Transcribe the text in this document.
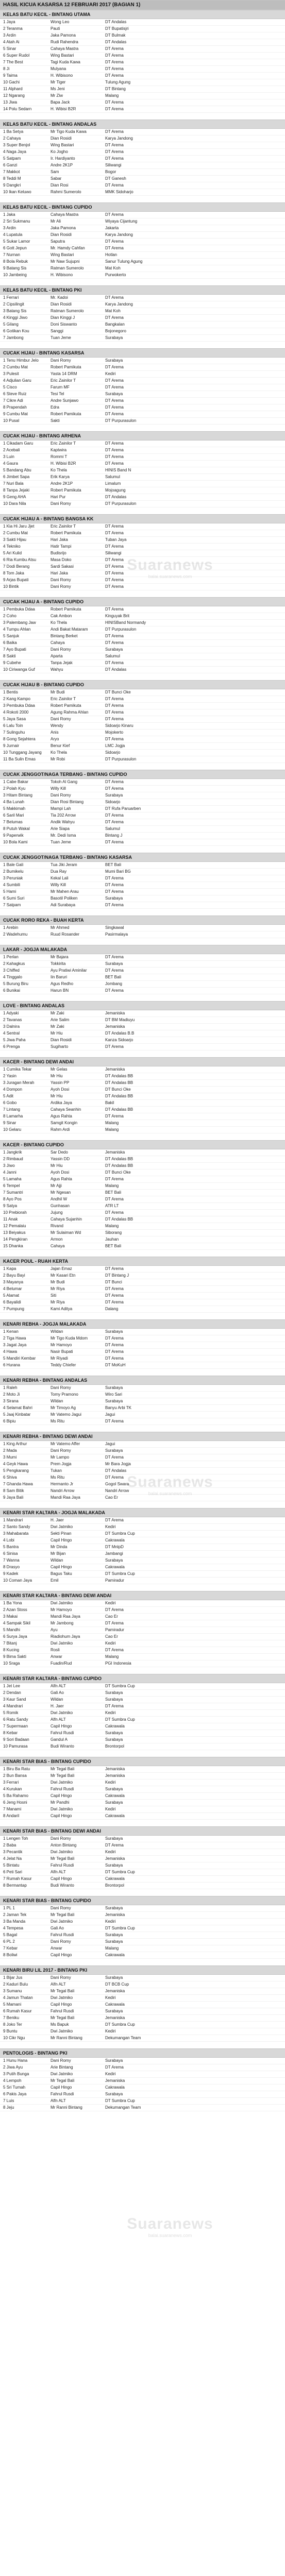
HASIL KICUA KASARSA 12 FEBRUARI 2017 (BAGIAN 1)
KELAS BATU KECIL - BINTANG UTAMA
1 Jaya	Wong Leo	DT Andalas
2 Teranma	Pauti	DT Bupatisjri
3 Ardin	Jaka Pamona	DT Bulmak
4 Atah Ai	Rudi Rahendra	DT Andalas
5 Sinar	Cahaya Mastra	DT Arema
6 Super Rudol	Wing Bastari	DT Arema
7 The Best	Tagi Kuda Kawa	DT Arema
8 Ji	Mulyana	DT Arema
9 Taima	H. Wibisono	DT Arema
10 Gachi	Mr Tiger	Tulung Agung
11 Alphard	Ms Jeni	DT Bintang
12 Ngarang	Mr Ziw	Malang
13 Jiwa	Bapa Jack	DT Arema
14 Polu Sedarn	H. Wibisi B2R	DT Arema
KELAS BATU KECIL - BINTANG ANDALAS
1 Ba Setya	Mr Tigo Kuda Kawa	DT Arema
2 Cahaya	Dian Rosidi	Karya Jandong
3 Super Benjol	Wing Bastari	DT Arema
4 Naga Jaya	Ko Jogho	DT Arema
5 Satpam	Ir. Hardiyanto	DT Arema
6 Ganzi	Andre 2K1P	Siliwangi
7 Makkot	Sam	Bogor
8 Teddi M	Sabar	DT Ganesh
9 Dangkri	Dian Rosi	DT Arema
10 Ikan Keluwo	Rahmi Sumerolo	MMK Sidoharjo
KELAS BATU KECIL - BINTANG CUPIDO
1 Jaka	Cahaya Mastra	DT Arema
2 Sri Sukmanu	Mr Ali	Wiyaya Cijantung
3 Ardin	Jaka Pamona	Jakarta
4 Lupatula	Dian Rosidi	Karya Jandong
5 Sukar Lamor	Saputra	DT Arema
6 Gott Jepun	Mr. Hamdy Cahfan	DT Arema
7 Nurnan	Wing Bastari	Hotlan
8 Bola Rebuk	Mr Naw Sujupni	Sanur Tulung Agung
9 Batang Sis	Ratman Sumerolo	Mat Koh
10 Jambeing	H. Wibisono	Purwokerto
KELAS BATU KECIL - BINTANG PKI
1 Ferrari	Mr. Kadoi	DT Arema
2 Cipsilingit	Dian Rosidi	Karya Jandong
3 Batang Sis	Ratman Sumerolo	Mat Koh
4 Kinggi Jiwo	Dian Kinggi J	DT Arema
5 Gilang	Doni Siswanto	Bangkalan
6 Gotikan Kou	Sanggi	Bojonegoro
7 Jambong	Tuan Jeme	Surabaya
CUCAK HIJAU - BINTANG KASARSA
1 Tenu Himbur Jelo	Dani Romy	Surabaya
2 Cumbu Mat	Robert Pamikuta	DT Arema
3 Pulesit	Yasta 14 DRM	Kediri
4 Adjulian Garu	Eric Zainilor T	DT Arema
5 Cisco	Farum MF	DT Arema
6 Steve Ruiz	Tesi Tel	Surabaya
7 Cikre Adi	Andre Sunjawo	DT Arema
8 Prapendah	Edra	DT Arema
9 Cumbu Mat	Robert Pamikuta	DT Arema
10 Pusal	Sakti	DT Purpurasulon
CUCAK HIJAU - BINTANG ARHENA
1 Cikadam Garu	Eric Zainilor T	DT Arema
2 Acebali	Kaptwira	DT Arema
3 Luin	Rommi T	DT Arema
4 Gaura	H. Wibisi B2R	DT Arema
5 Bandang Abu	Ko Thela	HINIS Band N
6 Jimbet Sapa	Erik Karya	Salumul
7 Nuri Bala	Andre 2K1P	Limalum
8 Tanpa Jejaki	Robert Pamikuta	Mojoagung
9 Geng AHA	Hari Pur	DT Andalas
10 Dara Nila	Dani Romy	DT Purpurasulon
CUCAK HIJAU A - BINTANG BANGSA KK
1 Kia Hi Jaru Jjet	Eric Zainilor T	DT Arema
2 Cumbu Mat	Robert Pamikuta	DT Arema
3 Sakti Hijau	Hari Jaka	Tuban Jaya
4 Tekniko	Hatir Tampi	DT Arema
5 Ari Kulid	Budisrijo	Siliwangi
6 Ria Kumbu Atsu	Masa Doko	DT Arema
7 Dodi Berang	Sardi Sakasi	DT Arema
8 Tom Jaka	Hari Jaka	DT Arema
9 Arjas Bupati	Dani Romy	DT Arema
10 Bintik	Dani Romy	DT Arema
CUCAK HIJAU A - BINTANG CUPIDO
1 Pembuka Ddaa	Robert Pamikuta	DT Arema
2 Coho	Cak Ambon	Kinguyak Brit
3 Palembang Jaw	Ko Thela	HINISBand Normandy
4 Tumpu Ahlan	Andi Bakat Mataram	DT Purpurasulon
5 Sanjuk	Bintang Berket	DT Arema
6 Baika	Cahaya	DT Arema
7 Ayo Bupati	Dani Romy	Surabaya
8 Sakti	Aparta	Salumul
9 Cubehe	Tanpa Jejak	DT Arema
10 Ciriwanga Guf	Wahyu	DT Andalas
CUCAK HIJAU B - BINTANG CUPIDO
1 Bentis	Mr Budi	DT Bunci Oke
2 Kang Kampo	Eric Zainilor T	DT Arema
3 Pembuka Ddaa	Robert Pamikuta	DT Arema
4 Rokoti 2000	Agung Rahma Ahlan	DT Arema
5 Jaya Sasa	Dani Romy	DT Arema
6 Lalu Toin	Wendy	Sidoarjo Kinaru
7 Sulinguhu	Anis	Mojokerto
8 Gong Sejahtera	Aryo	DT Arema
9 Jurnair	Benur Kief	LMC Jogja
10 Tunggang Jayang	Ko Thela	Sidoarjo
11 Ba Sulin Emas	Mr Robi	DT Purpurasulon
CUCAK JENGGOT/NAGA TERBANG - BINTANG CUPIDO
1 Cabe Bakar	Tokoh Al Gang	DT Arema
2 Polah Kyu	Willy Kill	DT Arema
3 Hitam Bintang	Dani Romy	Surabaya
4 Ba Lunah	Dian Rosi Bintang	Sidoarjo
5 Makkimah	Mampi Lah	DT Rufa Paruarben
6 Saril Mari	Tia 202 Arrow	DT Arema
7 Belumas	Andik Wahyu	DT Arema
8 Putuh Wakal	Arie Siapa	Salumul
9 Paperwik	Mr. Dedi Isma	Bintang J
10 Bola Kami	Tuan Jeme	DT Arema
CUCAK JENGGOT/NAGA TERBANG - BINTANG KASARSA
1 Bale Gali	Tua Jiki Jeram	BET Bali
2 Bumikelu	Dua Ray	Mumi Bari BG
3 Peruniak	Kekal Lali	DT Arema
4 Sumbili	Willy Kill	DT Arema
5 Hami	Mr Mahen Arau	DT Arema
6 Sumi Suri	Basotil Poliken	Surabaya
7 Satpam	Adi Surabaya	DT Arema
CUCAK RORO REKA - BUAH KERTA
1 Arebin	Mr Ahmed	Singkawal
2 Wadehumu	Ruud Rosander	Pasirmalaya
LAKAR - JOGJA MALAKADA
1 Perlan	Mr Bajara	DT Arema
2 Kahagkus	Tokkirita	Surabaya
3 Chiffed	Ayu Pratiwi Aminilar	DT Arema
4 Tinggalo	Iin Baruri	BET Bali
5 Burung Biru	Agus Redho	Jombang
6 Bunikai	Harun BN	DT Arema
LOVE - BINTANG ANDALAS
1 Adyaki	Mr Zaki	Jemaniska
2 Tavanas	Arie Salim	DT BM Madiuyu
3 Dalnira	Mr Zaki	Jemaniska
4 Sentral	Mr Hiu	DT Andalas B.B
5 Jiwa Paha	Dian Rosidi	Kanza Sidoarjo
6 Prenga	Sugiharto	DT Arema
KACER - BINTANG DEWI ANDAI
1 Cumika Tekar	Mr Gelas	Jemaniska
2 Yasin	Mr Hiu	DT Andalas BB
3 Juragan Merah	Yassin PP	DT Andalas BB
4 Dompon	Ayoh Dosi	DT Bunci Oke
5 Adit	Mr Hiu	DT Andalas BB
6 Gobo	Ardika Jaya	Bakil
7 Lintang	Cahaya Seanhin	DT Andalas BB
8 Lamarha	Agus Rahta	DT Arema
9 Sinar	Samgit Kongin	Malang
10 Gelaru	Rahm Ardi	Malang
KACER - BINTANG CUPIDO
1 Jangkrik	Sar Dedo	Jemaniska
2 Rimbaud	Yassin DD	DT Andalas BB
3 Jiwo	Mr Hiu	DT Andalas BB
4 Janni	Ayoh Dosi	DT Bunci Oke
5 Lamaha	Agus Rahta	DT Arema
6 Tempel	Mr Ajji	Malang
7 Sumantri	Mr Ngesan	BET Bali
8 Ayo Pos	Andhil W	DT Arema
9 Satya	Gunhasan	ATR LT
10 Prebiorah	Jujung	DT Arema
11 Anak	Cahaya Sujanhin	DT Andalas BB
12 Pemalaiu	Rivand	Malang
13 Beiyakus	Mr Sulaiman Wd	Siborang
14 Pengkiran	Armon	Jauhan
15 Dhanka	Cahaya	BET Bali
KACER POUL - RUAH KERTA
1 Kapa	Jajan Emaz	DT Arema
2 Bayu Bayi	Mr Kasari Etn	DT Bintang J
3 Mayanya	Mr Budi	DT Bunci
4 Belumar	Mr Riya	DT Arema
5 Alamat	Siti	DT Arema
6 Bayalidi	Mr Riya	DT Arema
7 Pumpung	Kami Aditya	Dalang
KENARI REBHA - JOGJA MALAKADA
1 Kenan	Wildan	Surabaya
2 Tiga Hawa	Mr Tigo Kuda Mdom	DT Arema
3 Jagat Jaya	Mr Hamoyo	DT Arema
4 Hawa	Nasir Bupati	DT Arema
5 Mandiri Kembar	Mr Riyadi	DT Arema
6 Hurana	Teddy Chiefer	DT MoKuH
KENARI REBHA - BINTANG ANDALAS
1 Raleh	Dani Romy	Surabaya
2 Moto Ji	Tomy Pramono	Wiro Sari
3 Sirana	Wildan	Surabaya
4 Selamat Bahri	Mr Timoyo Ag	Banyu Arbi TK
5 Jaaj Kinbatar	Mr Vatemo Jagui	Jagui
6 Bipiu	Ms Ritu	DT Arema
KENARI REBHA - BINTANG DEWI ANDAI
1 King Arthur	Mr Vatemo Affer	Jagui
2 Mada	Dani Romy	Surabaya
3 Mumi	Mr Lampo	DT Arema
4 Geyk Hawa	Prem Jogja	Mr Bara Jogja
5 Pengkarang	Tukan	DT Andalas
6 Shiva	Ms Ritu	DT Arema
7 Ghanda Hawa	Hermanto Jr	Gogol Swara
8 Sam Bitik	Nandri Arrow	Nandri Arrow
9 Jaya Bali	Mandi Raa Jaya	Cao Er
KENARI STAR KALTARA - JOGJA MALAKADA
1 Mandrari	H. Jaer	DT Arema
2 Santo Sandy	Dwi Jatmiko	Kediri
3 Mahabarata	Sekti Pinan	DT Sumbra Cup
4 Lobi	Capil Hingo	Cakrawala
5 Bantra	Mr Dinda	DT MnlpD
6 Sinisa	Mr Bijan	Jambangi
7 Wanna	Wildan	Surabaya
8 Drasyo	Capil Hingo	Cakrawala
9 Kadek	Bagus Taku	DT Sumbra Cup
10 Coman Jaya	Emil	Pamiradur
KENARI STAR KALTARA - BINTANG DEWI ANDAI
1 Ba Yona	Dwi Jatmiko	Kediri
2 Azan Stoss	Mr Hamoyo	DT Arema
3 Makai	Mandi Raa Jaya	Cao Er
4 Sampak Sikil	Mr Jambong	DT Arema
5 Mandhi	Ayu	Pamiradur
6 Surya Jaya	Riadiohum Jaya	Cao Er
7 Bitanj	Dwi Jatmiko	Kediri
8 Kucing	Rosli	DT Arema
9 Bima Sakti	Anwar	Malang
10 Sraga	Fuadin/Rud	PGI Indonesia
KENARI STAR KALTARA - BINTANG CUPIDO
1 Jet Lee	Alfn ALT	DT Sumbra Cup
2 Dendan	Gali Ao	Surabaya
3 Kaur Sand	Wildan	Surabaya
4 Mandrari	H. Jaer	DT Arema
5 Romik	Dwi Jatmiko	Kediri
6 Ratu Sandy	Alfn ALT	DT Sumbra Cup
7 Supermaan	Capil Hingo	Cakrawala
8 Kebar	Fahrul Rusdi	Surabaya
9 Sori Badaan	Gandul A	Surabaya
10 Pamurasa	Budi Wiranto	Brontorpol
KENARI STAR BIAS - BINTANG CUPIDO
1 Biru Ba Ratu	Mr Tegal Bali	Jemaniska
2 Bun Bansa	Mr Tegal Bali	Jemaniska
3 Ferrari	Dwi Jatmiko	Kediri
4 Kurukan	Fahrul Rusdi	Surabaya
5 Ba Rahamo	Capil Hingo	Cakrawala
6 Jeng Hosni	Mr Pandhi	Surabaya
7 Manami	Dwi Jatmiko	Kediri
8 Andaril	Capil Hingo	Cakrawala
KENARI STAR BIAS - BINTANG DEWI ANDAI
1 Lengen Toh	Dani Romy	Surabaya
2 Baba	Anton Bintang	DT Arema
3 Pecantik	Dwi Jatmiko	Kediri
4 Jelat Na	Mr Tegal Bali	Jemaniska
5 Bintatu	Fahrul Rusdi	Surabaya
6 Peti Sari	Alfn ALT	DT Sumbra Cup
7 Rumah Kasur	Capil Hingo	Cakrawala
8 Bermantap	Budi Wiranto	Brontorpol
KENARI STAR BIAS - BINTANG CUPIDO
1 PL 1	Dani Romy	Surabaya
2 Jaman Tek	Mr Tegal Bali	Jemaniska
3 Ba Manda	Dwi Jatmiko	Kediri
4 Tempesa	Gali Ao	DT Sumbra Cup
5 Bagal	Fahrul Rusdi	Surabaya
6 PL 2	Dani Romy	Surabaya
7 Kebar	Anwar	Malang
8 Boliwi	Capil Hingo	Cakrawala
KENARI BIRU LIL 2017 - BINTANG PKI
1 Bijar Jus	Dani Romy	Surabaya
2 Kaduri Bulu	Alfn ALT	DT BCB Cup
3 Sumanu	Mr Tegal Bali	Jemaniska
4 Jamun Thatan	Dwi Jatmiko	Kediri
5 Mamani	Capil Hingo	Cakrawala
6 Rumah Kasur	Fahrul Rusdi	Surabaya
7 Beniku	Mr Tegal Bali	Jemaniska
8 Joko Ter	Ms Bapuk	DT Sumbra Cup
9 Buntu	Dwi Jatmiko	Kediri
10 Cikr Ngu	Mr Ranni Bintang	Dekumangan Team
PENTOLOGIS - BINTANG PKI
1 Hunu Hana	Dani Romy	Surabaya
2 Jiwa Ayu	Arie Bintang	DT Arema
3 Putih Bunga	Dwi Jatmiko	Kediri
4 Lempoh	Mr Tegal Bali	Jemaniska
5 Sri Tumah	Capil Hingo	Cakrawala
6 Pakis Jaya	Fahrul Rusdi	Surabaya
7 Luis	Alfn ALT	DT Sumbra Cup
8 Jeju	Mr Ranni Bintang	Dekumangan Team
Suaranews
balai.suaranews.com
Suaranews
balai.suaranews.com
Suaranews
balai.suaranews.com
